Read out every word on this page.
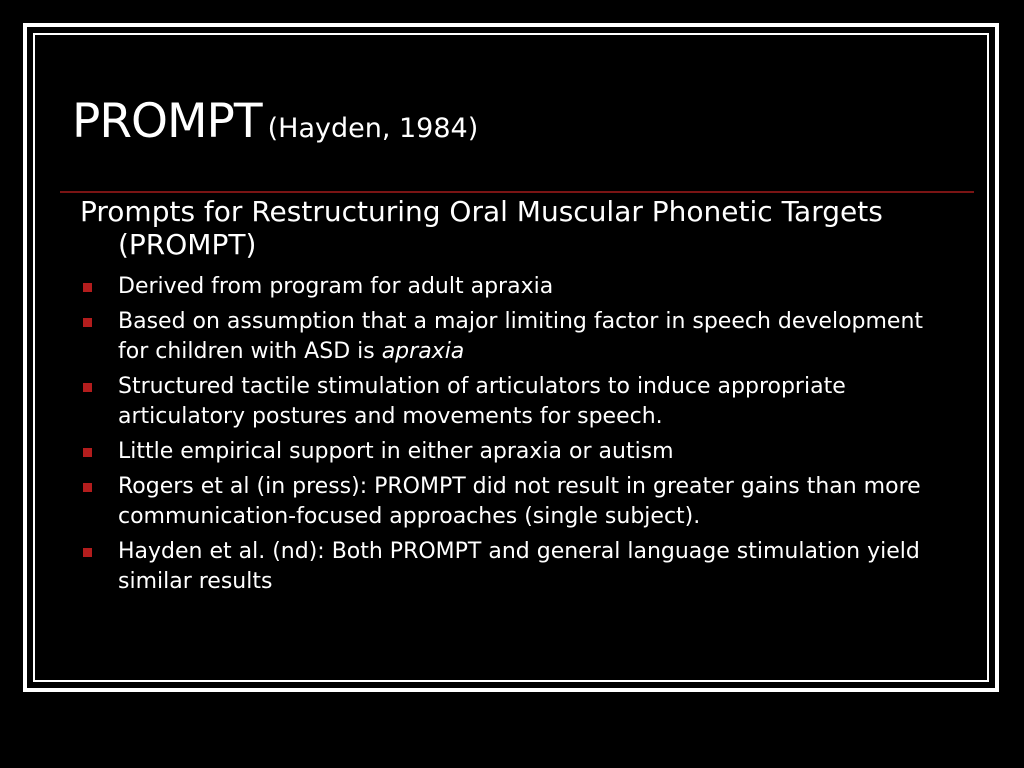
PROMPT (Hayden, 1984)

Prompts for Restructuring Oral Muscular Phonetic Targets (PROMPT)

Derived from program for adult apraxia
Based on assumption that a major limiting factor in speech development for children with ASD is apraxia
Structured tactile stimulation of articulators to induce appropriate articulatory postures and movements for speech.
Little empirical support in either apraxia or autism
Rogers et al (in press): PROMPT did not result in greater gains than more communication-focused approaches (single subject).
Hayden et al. (nd): Both PROMPT and general language stimulation yield similar results
